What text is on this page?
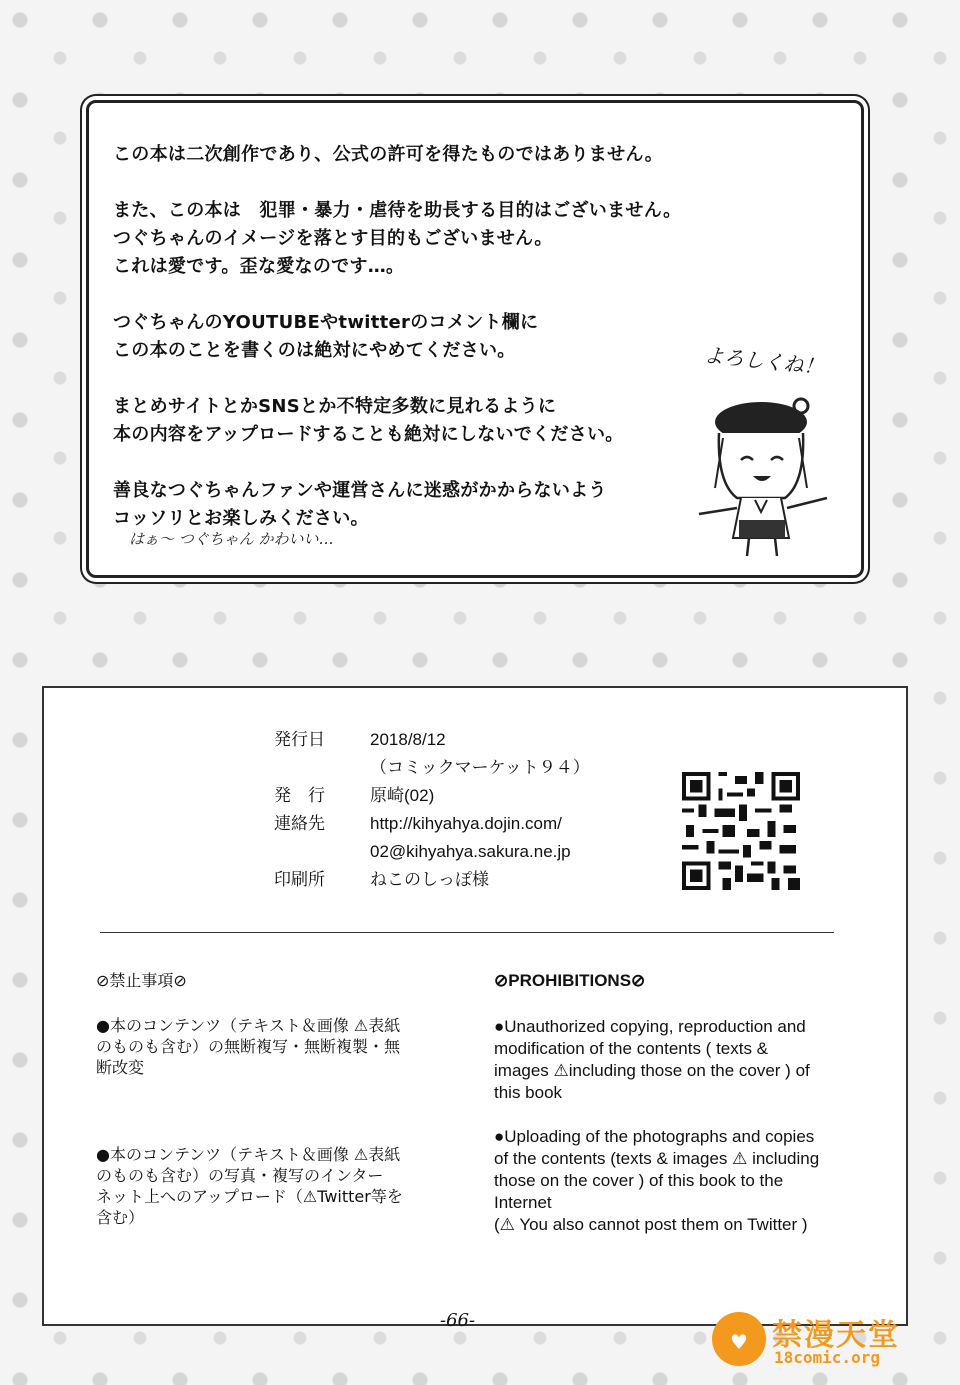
この本は二次創作であり、公式の許可を得たものではありません。
また、この本は　犯罪・暴力・虐待を助長する目的はございません。
つぐちゃんのイメージを落とす目的もございません。
これは愛です。歪な愛なのです…。
つぐちゃんのYOUTUBEやtwitterのコメント欄に
この本のことを書くのは絶対にやめてください。
まとめサイトとかSNSとか不特定多数に見れるように
本の内容をアップロードすることも絶対にしないでください。
善良なつぐちゃんファンや運営さんに迷惑がかからないよう
コッソリとお楽しみください。
はぁ～ つぐちゃん かわいい…
よろしくね！
発行日	2018/8/12
（コミックマーケット９４）
発　行	原崎(02)
連絡先	http://kihyahya.dojin.com/
02@kihyahya.sakura.ne.jp
印刷所	ねこのしっぽ様
⊘禁止事項⊘
●本のコンテンツ（テキスト＆画像 ⚠表紙
のものも含む）の無断複写・無断複製・無
断改変
●本のコンテンツ（テキスト＆画像 ⚠表紙
のものも含む）の写真・複写のインター
ネット上へのアップロード（⚠Twitter等を
含む）
⊘PROHIBITIONS⊘
●Unauthorized copying, reproduction and
modification of the contents ( texts &
images ⚠including those on the cover ) of
this book
●Uploading of the photographs and copies
of the contents (texts & images ⚠ including
those on the cover ) of this book to the
Internet
(⚠ You also cannot post them on Twitter )
-66-
♥ 禁漫天堂
18comic.org
